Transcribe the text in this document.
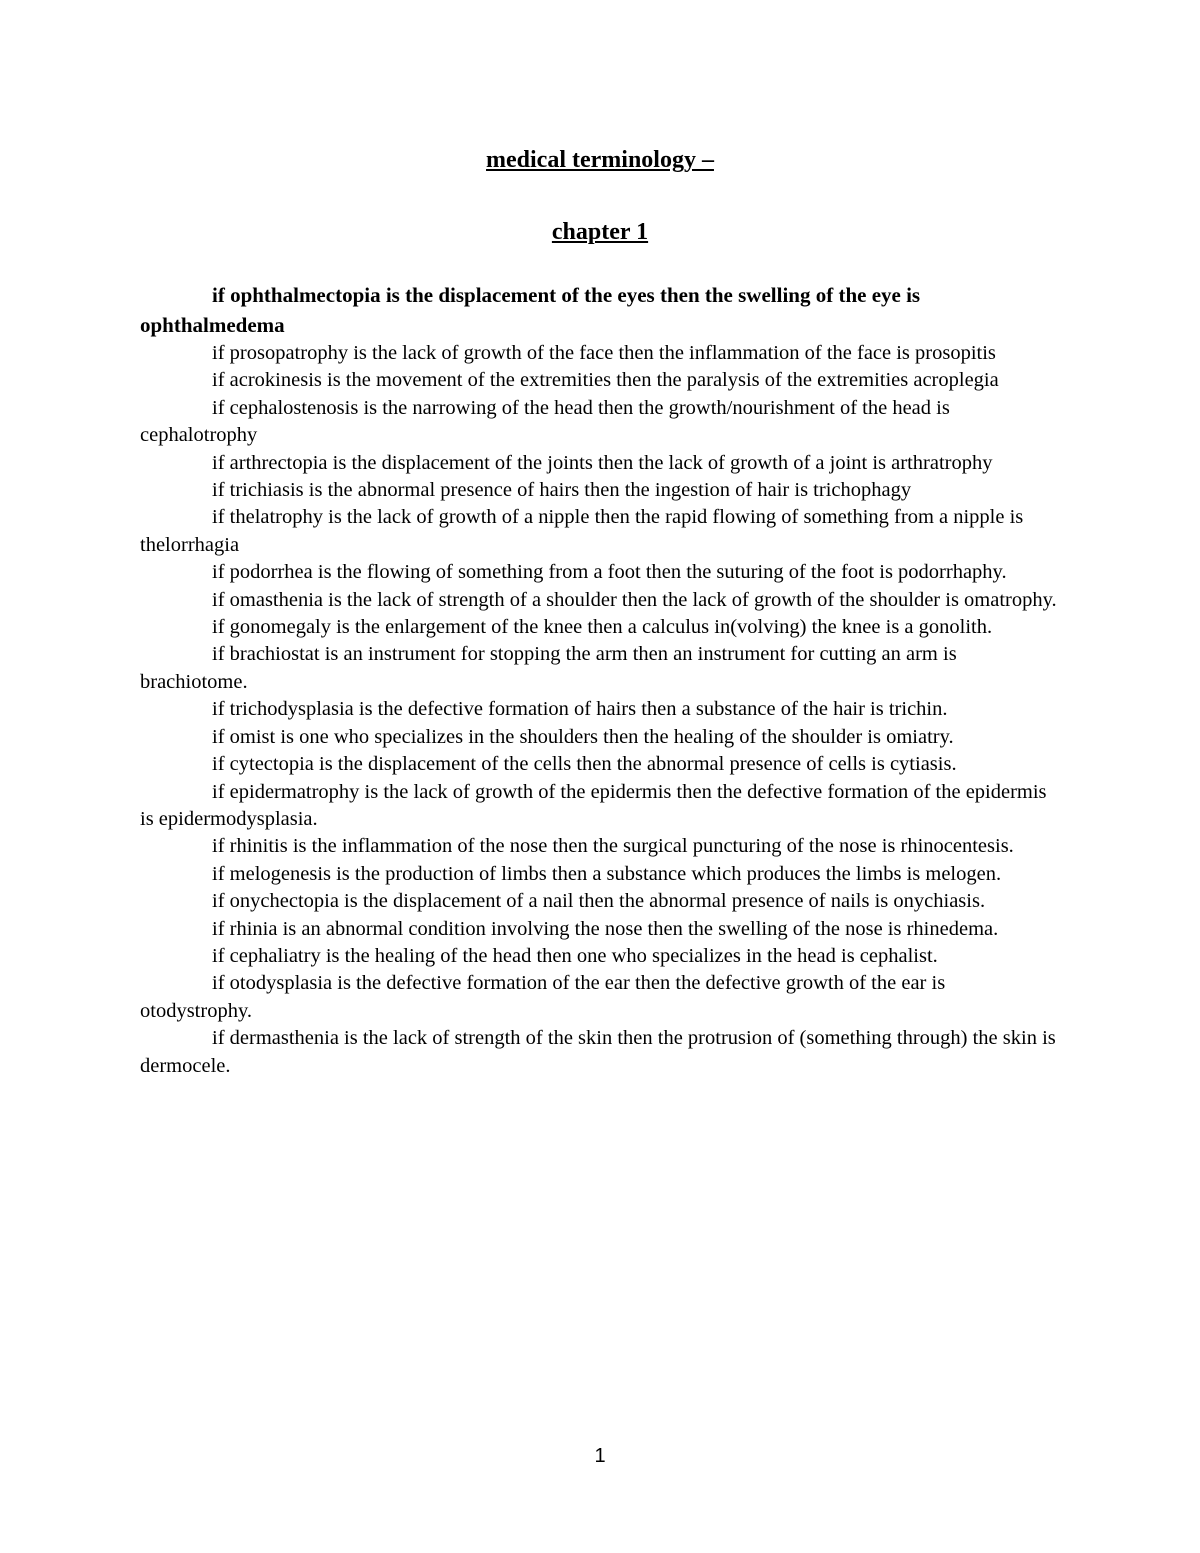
medical terminology –
chapter 1

if ophthalmectopia is the displacement of the eyes then the swelling of the eye is ophthalmedema

if prosopatrophy is the lack of growth of the face then the inflammation of the face is prosopitis

if acrokinesis is the movement of the extremities then the paralysis of the extremities acroplegia

if cephalostenosis is the narrowing of the head then the growth/nourishment of the head is cephalotrophy

if arthrectopia is the displacement of the joints then the lack of growth of a joint is arthratrophy

if trichiasis is the abnormal presence of hairs then the ingestion of hair is trichophagy

if thelatrophy is the lack of growth of a nipple then the rapid flowing of something from a nipple is thelorrhagia

if podorrhea is the flowing of something from a foot then the suturing of the foot is podorrhaphy.

if omasthenia is the lack of strength of a shoulder then the lack of growth of the shoulder is omatrophy.

if gonomegaly is the enlargement of the knee then a calculus in(volving) the knee is a gonolith.

if brachiostat is an instrument for stopping the arm then an instrument for cutting an arm is brachiotome.

if trichodysplasia is the defective formation of hairs then a substance of the hair is trichin.

if omist is one who specializes in the shoulders then the healing of the shoulder is omiatry.

if cytectopia is the displacement of the cells then the abnormal presence of cells is cytiasis.

if epidermatrophy is the lack of growth of the epidermis then the defective formation of the epidermis is epidermodysplasia.

if rhinitis is the inflammation of the nose then the surgical puncturing of the nose is rhinocentesis.

if melogenesis is the production of limbs then a substance which produces the limbs is melogen.

if onychectopia is the displacement of a nail then the abnormal presence of nails is onychiasis.

if rhinia is an abnormal condition involving the nose then the swelling of the nose is rhinedema.

if cephaliatry is the healing of the head then one who specializes in the head is cephalist.

if otodysplasia is the defective formation of the ear then the defective growth of the ear is otodystrophy.

if dermasthenia is the lack of strength of the skin then the protrusion of (something through) the skin is dermocele.

1
